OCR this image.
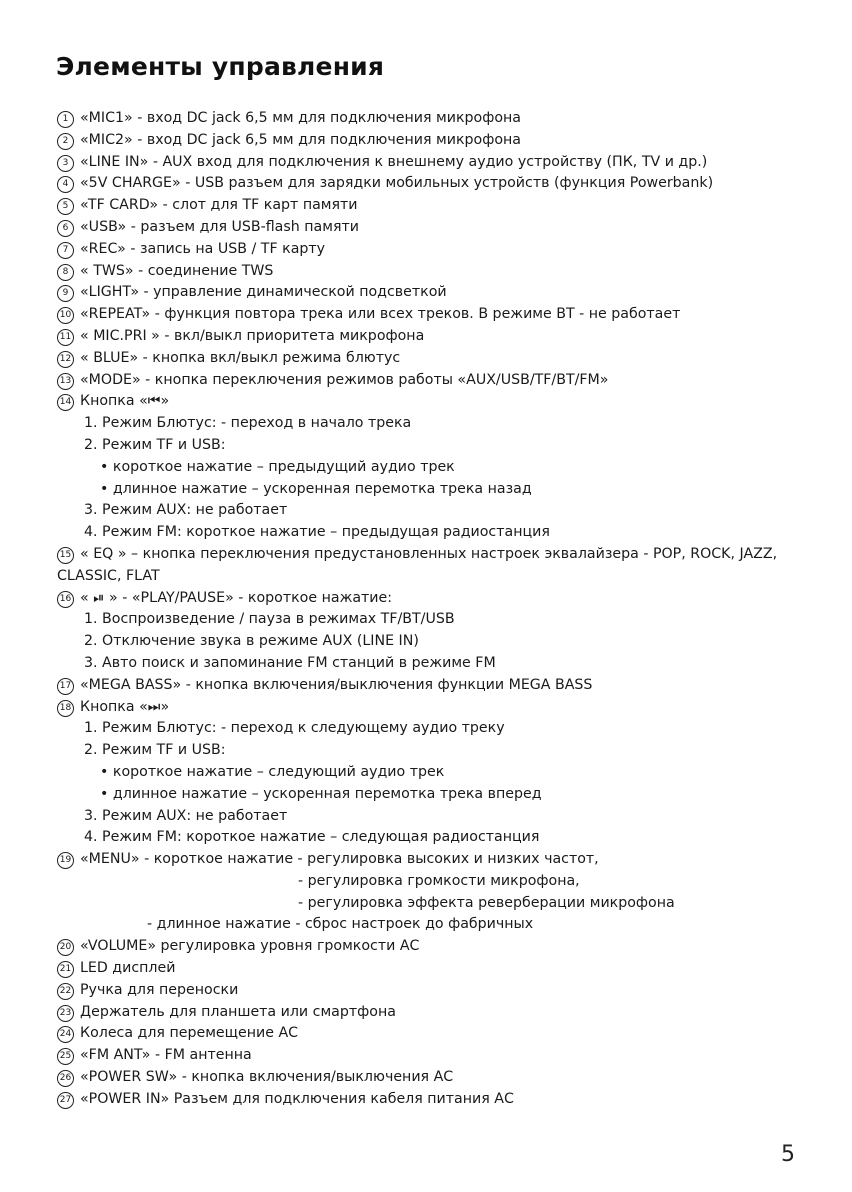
Элементы управления
1 «MIC1» - вход DC jack 6,5 мм для подключения микрофона
2 «MIC2» - вход DC jack 6,5 мм для подключения микрофона
3 «LINE IN» - AUX вход для подключения к внешнему аудио устройству (ПК, TV и др.)
4 «5V CHARGE» - USB разъем для зарядки мобильных устройств (функция Powerbank)
5 «TF CARD» - слот для TF карт памяти
6 «USB» - разъем для USB-flash памяти
7 «REC» - запись на USB / TF карту
8 « TWS» - соединение TWS
9 «LIGHT» - управление динамической подсветкой
10 «REPEAT» - функция повтора трека или всех треков. В режиме BT - не работает
11 « MIC.PRI » - вкл/выкл приоритета микрофона
12 « BLUE» - кнопка вкл/выкл режима блютус
13 «MODE» - кнопка переключения режимов работы «AUX/USB/TF/BT/FM»
14 Кнопка «⏮»
1. Режим Блютус: - переход в начало трека
2. Режим TF и USB:
• короткое нажатие – предыдущий аудио трек
• длинное нажатие – ускоренная перемотка трека назад
3. Режим AUX: не работает
4. Режим FM: короткое нажатие – предыдущая радиостанция
15 « EQ » – кнопка переключения предустановленных настроек эквалайзера - POP, ROCK, JAZZ,
CLASSIC, FLAT
16 « ⏯ » - «PLAY/PAUSE» - короткое нажатие:
1. Воспроизведение / пауза в режимах TF/BT/USB
2. Отключение звука в режиме AUX (LINE IN)
3. Авто поиск и запоминание FM станций в режиме FM
17 «MEGA BASS» - кнопка включения/выключения функции MEGA BASS
18 Кнопка «⏭»
1. Режим Блютус: - переход к следующему аудио треку
2. Режим TF и USB:
• короткое нажатие – следующий аудио трек
• длинное нажатие – ускоренная перемотка трека вперед
3. Режим AUX: не работает
4. Режим FM: короткое нажатие – следующая радиостанция
19 «MENU» - короткое нажатие - регулировка высоких и низких частот,
- регулировка громкости микрофона,
- регулировка эффекта реверберации микрофона
- длинное нажатие - сброс настроек до фабричных
20 «VOLUME» регулировка уровня громкости АС
21 LED дисплей
22 Ручка для переноски
23 Держатель для планшета или смартфона
24 Колеса для перемещение АС
25 «FM ANT» - FM антенна
26 «POWER SW» - кнопка включения/выключения АС
27 «POWER IN» Разъем для подключения кабеля питания АС
5
